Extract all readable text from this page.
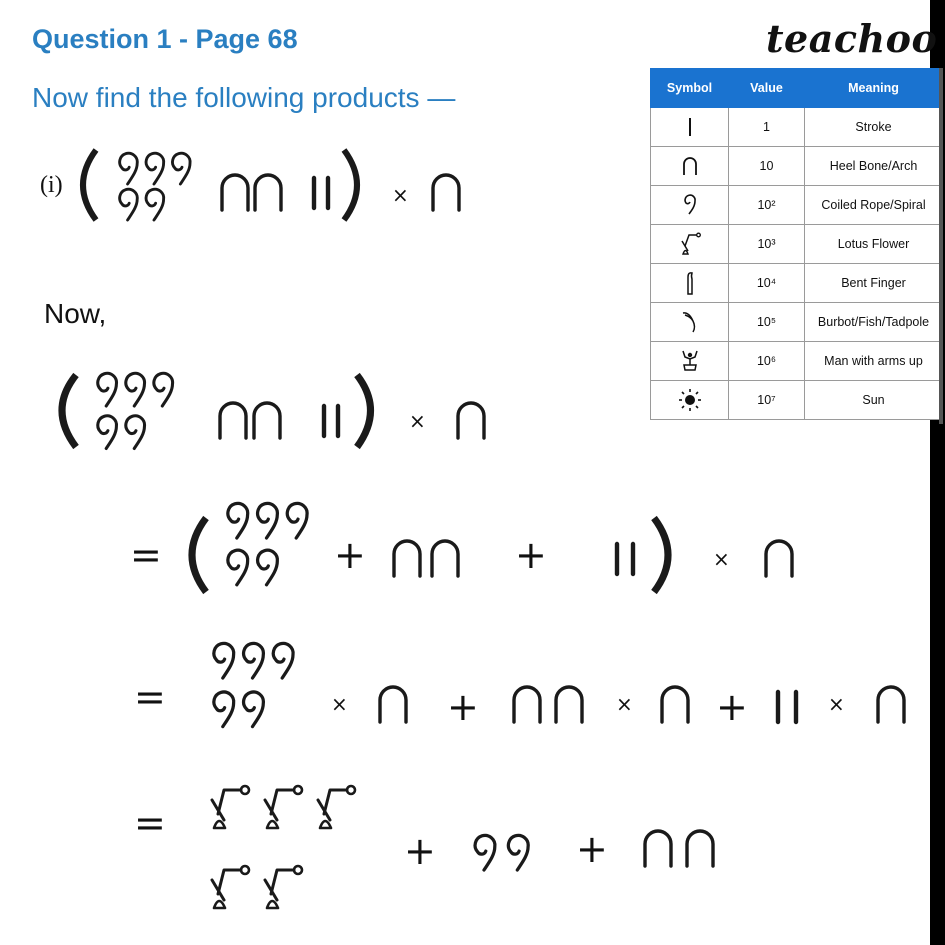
Question 1 - Page 68

Now find the following products —

teachoo
(i)
Now,
Symbol	Value	Meaning

	1	Stroke

	10	Heel Bone/Arch

	10²	Coiled Rope/Spiral

	10³	Lotus Flower

	10⁴	Bent Finger

	10⁵	Burbot/Fish/Tadpole

	10⁶	Man with arms up

	10⁷	Sun
×
×
=	+	+	×
=	×	+	× +	×
=
+	+
